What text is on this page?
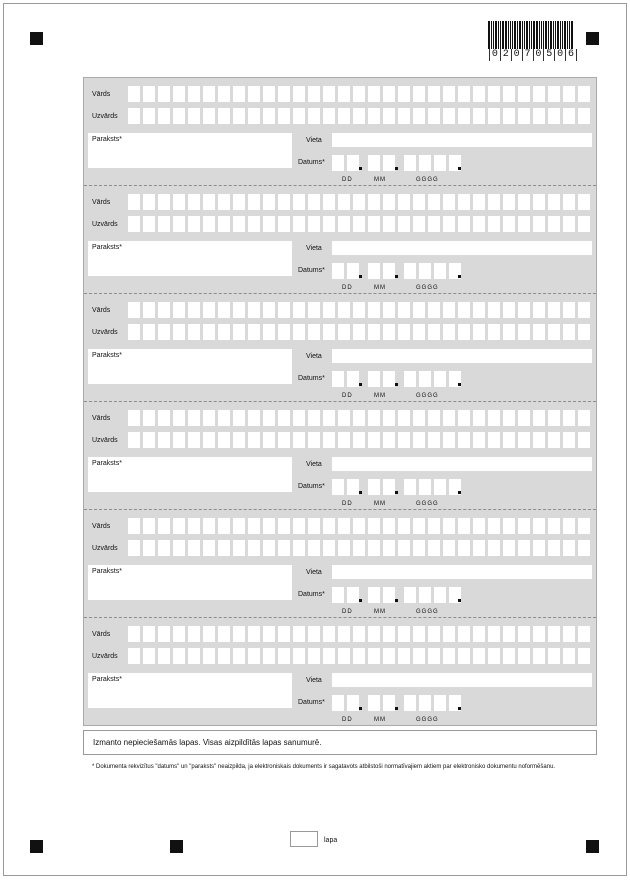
0 2 0 7 0 5 0 6
Vārds
Uzvārds
Paraksts*	Vieta
Datums*
DD	MM	GGGG
Vārds
Uzvārds
Paraksts*	Vieta
Datums*
DD	MM	GGGG
Vārds
Uzvārds
Paraksts*	Vieta
Datums*
DD	MM	GGGG
Vārds
Uzvārds
Paraksts*	Vieta
Datums*
DD	MM	GGGG
Vārds
Uzvārds
Paraksts*	Vieta
Datums*
DD	MM	GGGG
Vārds
Uzvārds
Paraksts*	Vieta
Datums*
DD	MM	GGGG
Izmanto nepieciešamās lapas. Visas aizpildītās lapas sanumurē.
* Dokumenta rekvizītus "datums" un "paraksts" neaizpilda, ja elektroniskais dokuments ir sagatavots atbilstoši normatīvajiem aktiem par elektronisko dokumentu noformēšanu.
lapa
